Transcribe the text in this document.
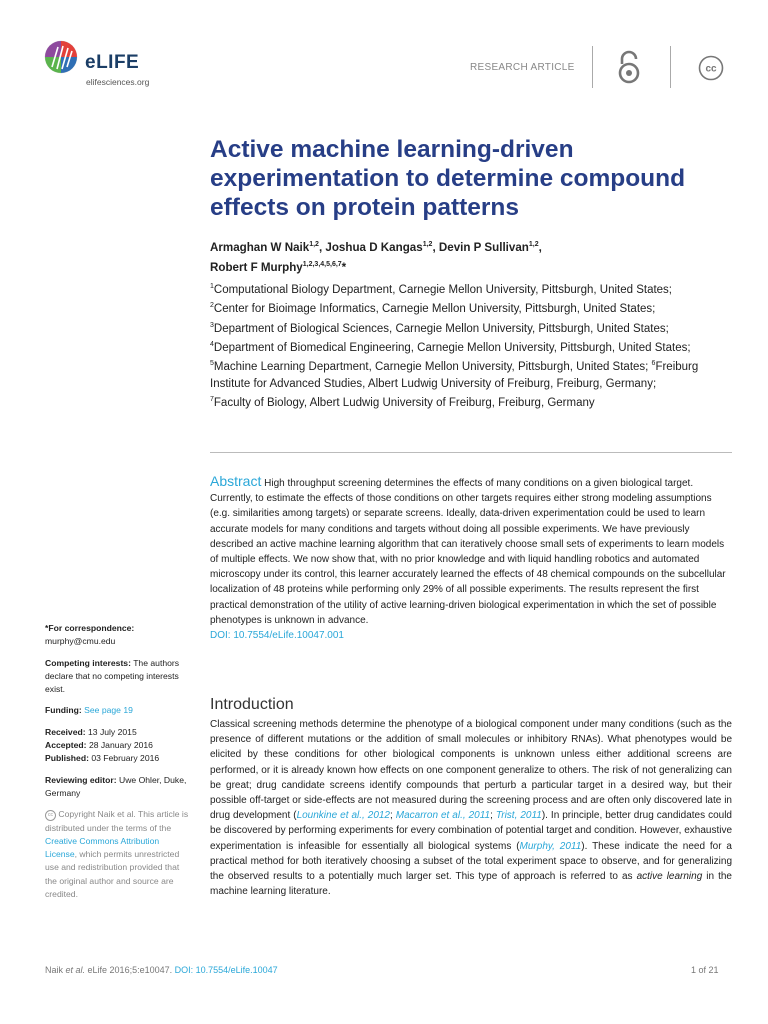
eLIFE
elifesciences.org
RESEARCH ARTICLE	cc
Active machine learning-driven experimentation to determine compound effects on protein patterns
Armaghan W Naik$^{1,2}$, Joshua D Kangas$^{1,2}$, Devin P Sullivan$^{1,2}$,
Robert F Murphy$^{1,2,3,4,5,6,7}$*
$^1$Computational Biology Department, Carnegie Mellon University, Pittsburgh, United States; $^2$Center for Bioimage Informatics, Carnegie Mellon University, Pittsburgh, United States; $^3$Department of Biological Sciences, Carnegie Mellon University, Pittsburgh, United States; $^4$Department of Biomedical Engineering, Carnegie Mellon University, Pittsburgh, United States; $^5$Machine Learning Department, Carnegie Mellon University, Pittsburgh, United States; $^6$Freiburg Institute for Advanced Studies, Albert Ludwig University of Freiburg, Freiburg, Germany; $^7$Faculty of Biology, Albert Ludwig University of Freiburg, Freiburg, Germany
Abstract High throughput screening determines the effects of many conditions on a given biological target. Currently, to estimate the effects of those conditions on other targets requires either strong modeling assumptions (e.g. similarities among targets) or separate screens. Ideally, data-driven experimentation could be used to learn accurate models for many conditions and targets without doing all possible experiments. We have previously described an active machine learning algorithm that can iteratively choose small sets of experiments to learn models of multiple effects. We now show that, with no prior knowledge and with liquid handling robotics and automated microscopy under its control, this learner accurately learned the effects of 48 chemical compounds on the subcellular localization of 48 proteins while performing only 29% of all possible experiments. The results represent the first practical demonstration of the utility of active learning-driven biological experimentation in which the set of possible phenotypes is unknown in advance.
DOI: 10.7554/eLife.10047.001

*For correspondence: murphy@cmu.edu

Competing interests: The authors declare that no competing interests exist.

Funding: See page 19

Received: 13 July 2015
Accepted: 28 January 2016
Published: 03 February 2016

Reviewing editor: Uwe Ohler, Duke, Germany

cc Copyright Naik et al. This article is distributed under the terms of the Creative Commons Attribution License, which permits unrestricted use and redistribution provided that the original author and source are credited.

Introduction
Classical screening methods determine the phenotype of a biological component under many conditions (such as the presence of different mutations or the addition of small molecules or inhibitory RNAs). What phenotypes would be elicited by these conditions for other biological components is unknown unless either additional screens are performed, or it is already known how effects on one component generalize to others. The risk of not generalizing can be great; drug candidate screens identify compounds that perturb a particular target in a desired way, but their possible off-target or side-effects are not measured during the screening process and are often only discovered late in drug development (Lounkine et al., 2012; Macarron et al., 2011; Trist, 2011). In principle, better drug candidates could be discovered by performing experiments for every combination of potential target and condition. However, exhaustive experimentation is infeasible for essentially all biological systems (Murphy, 2011). These indicate the need for a practical method for both iteratively choosing a subset of the total experiment space to observe, and for generalizing the observed results to a potentially much larger set. This type of approach is referred to as active learning in the machine learning literature.
Naik et al. eLife 2016;5:e10047. DOI: 10.7554/eLife.10047	1 of 21
